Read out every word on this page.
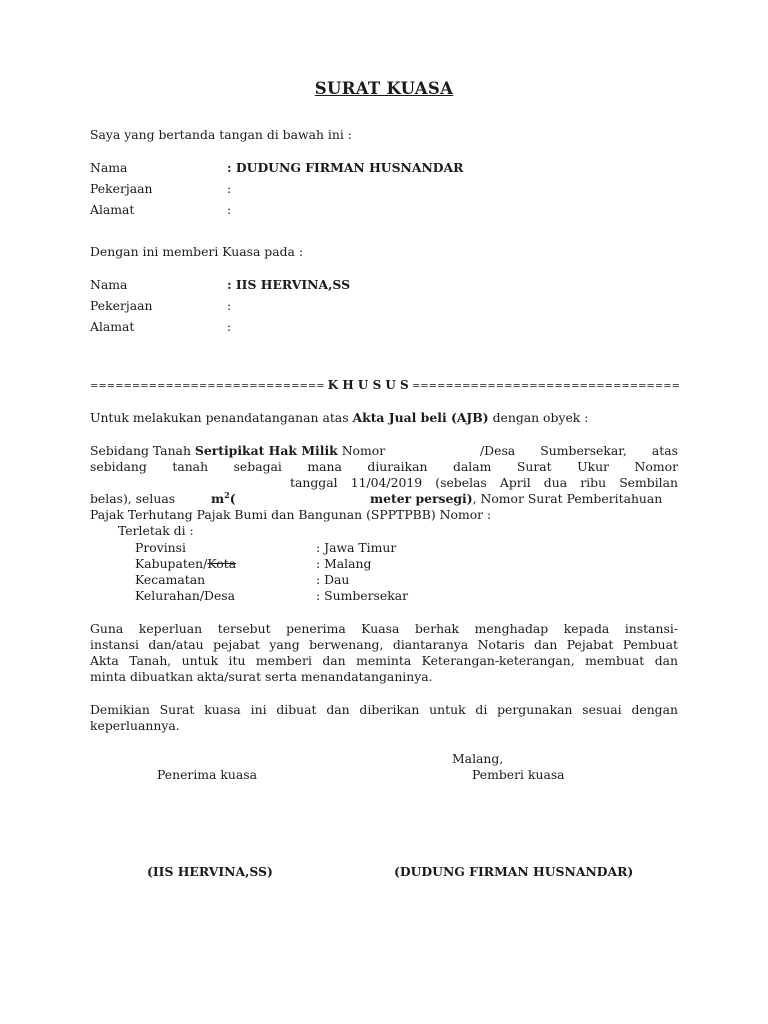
SURAT KUASA
Saya yang bertanda tangan di bawah ini :
Nama	: DUDUNG FIRMAN HUSNANDAR
Pekerjaan	:
Alamat	:
Dengan ini memberi Kuasa pada :
Nama	: IIS HERVINA,SS
Pekerjaan	:
Alamat	:
============================ K H U S U S ================================
Untuk melakukan penandatanganan atas Akta Jual beli (AJB) dengan obyek :
Sebidang Tanah Sertipikat Hak Milik Nomor	/Desa Sumbersekar, atas
sebidang tanah sebagai mana diuraikan dalam Surat Ukur Nomor
tanggal 11/04/2019 (sebelas April dua ribu Sembilan
belas), seluas	$m^2$(	meter persegi), Nomor Surat Pemberitahuan
Pajak Terhutang Pajak Bumi dan Bangunan (SPPTPBB) Nomor :
Terletak di :
Provinsi	: Jawa Timur
Kabupaten/Kota	: Malang
Kecamatan	: Dau
Kelurahan/Desa	: Sumbersekar
Guna keperluan tersebut penerima Kuasa berhak menghadap kepada instansi-
instansi dan/atau pejabat yang berwenang, diantaranya Notaris dan Pejabat Pembuat
Akta Tanah, untuk itu memberi dan meminta Keterangan-keterangan, membuat dan
minta dibuatkan akta/surat serta menandatanganinya.
Demikian Surat kuasa ini dibuat dan diberikan untuk di pergunakan sesuai dengan
keperluannya.
Malang,
Penerima kuasa	Pemberi kuasa
(IIS HERVINA,SS)	(DUDUNG FIRMAN HUSNANDAR)
